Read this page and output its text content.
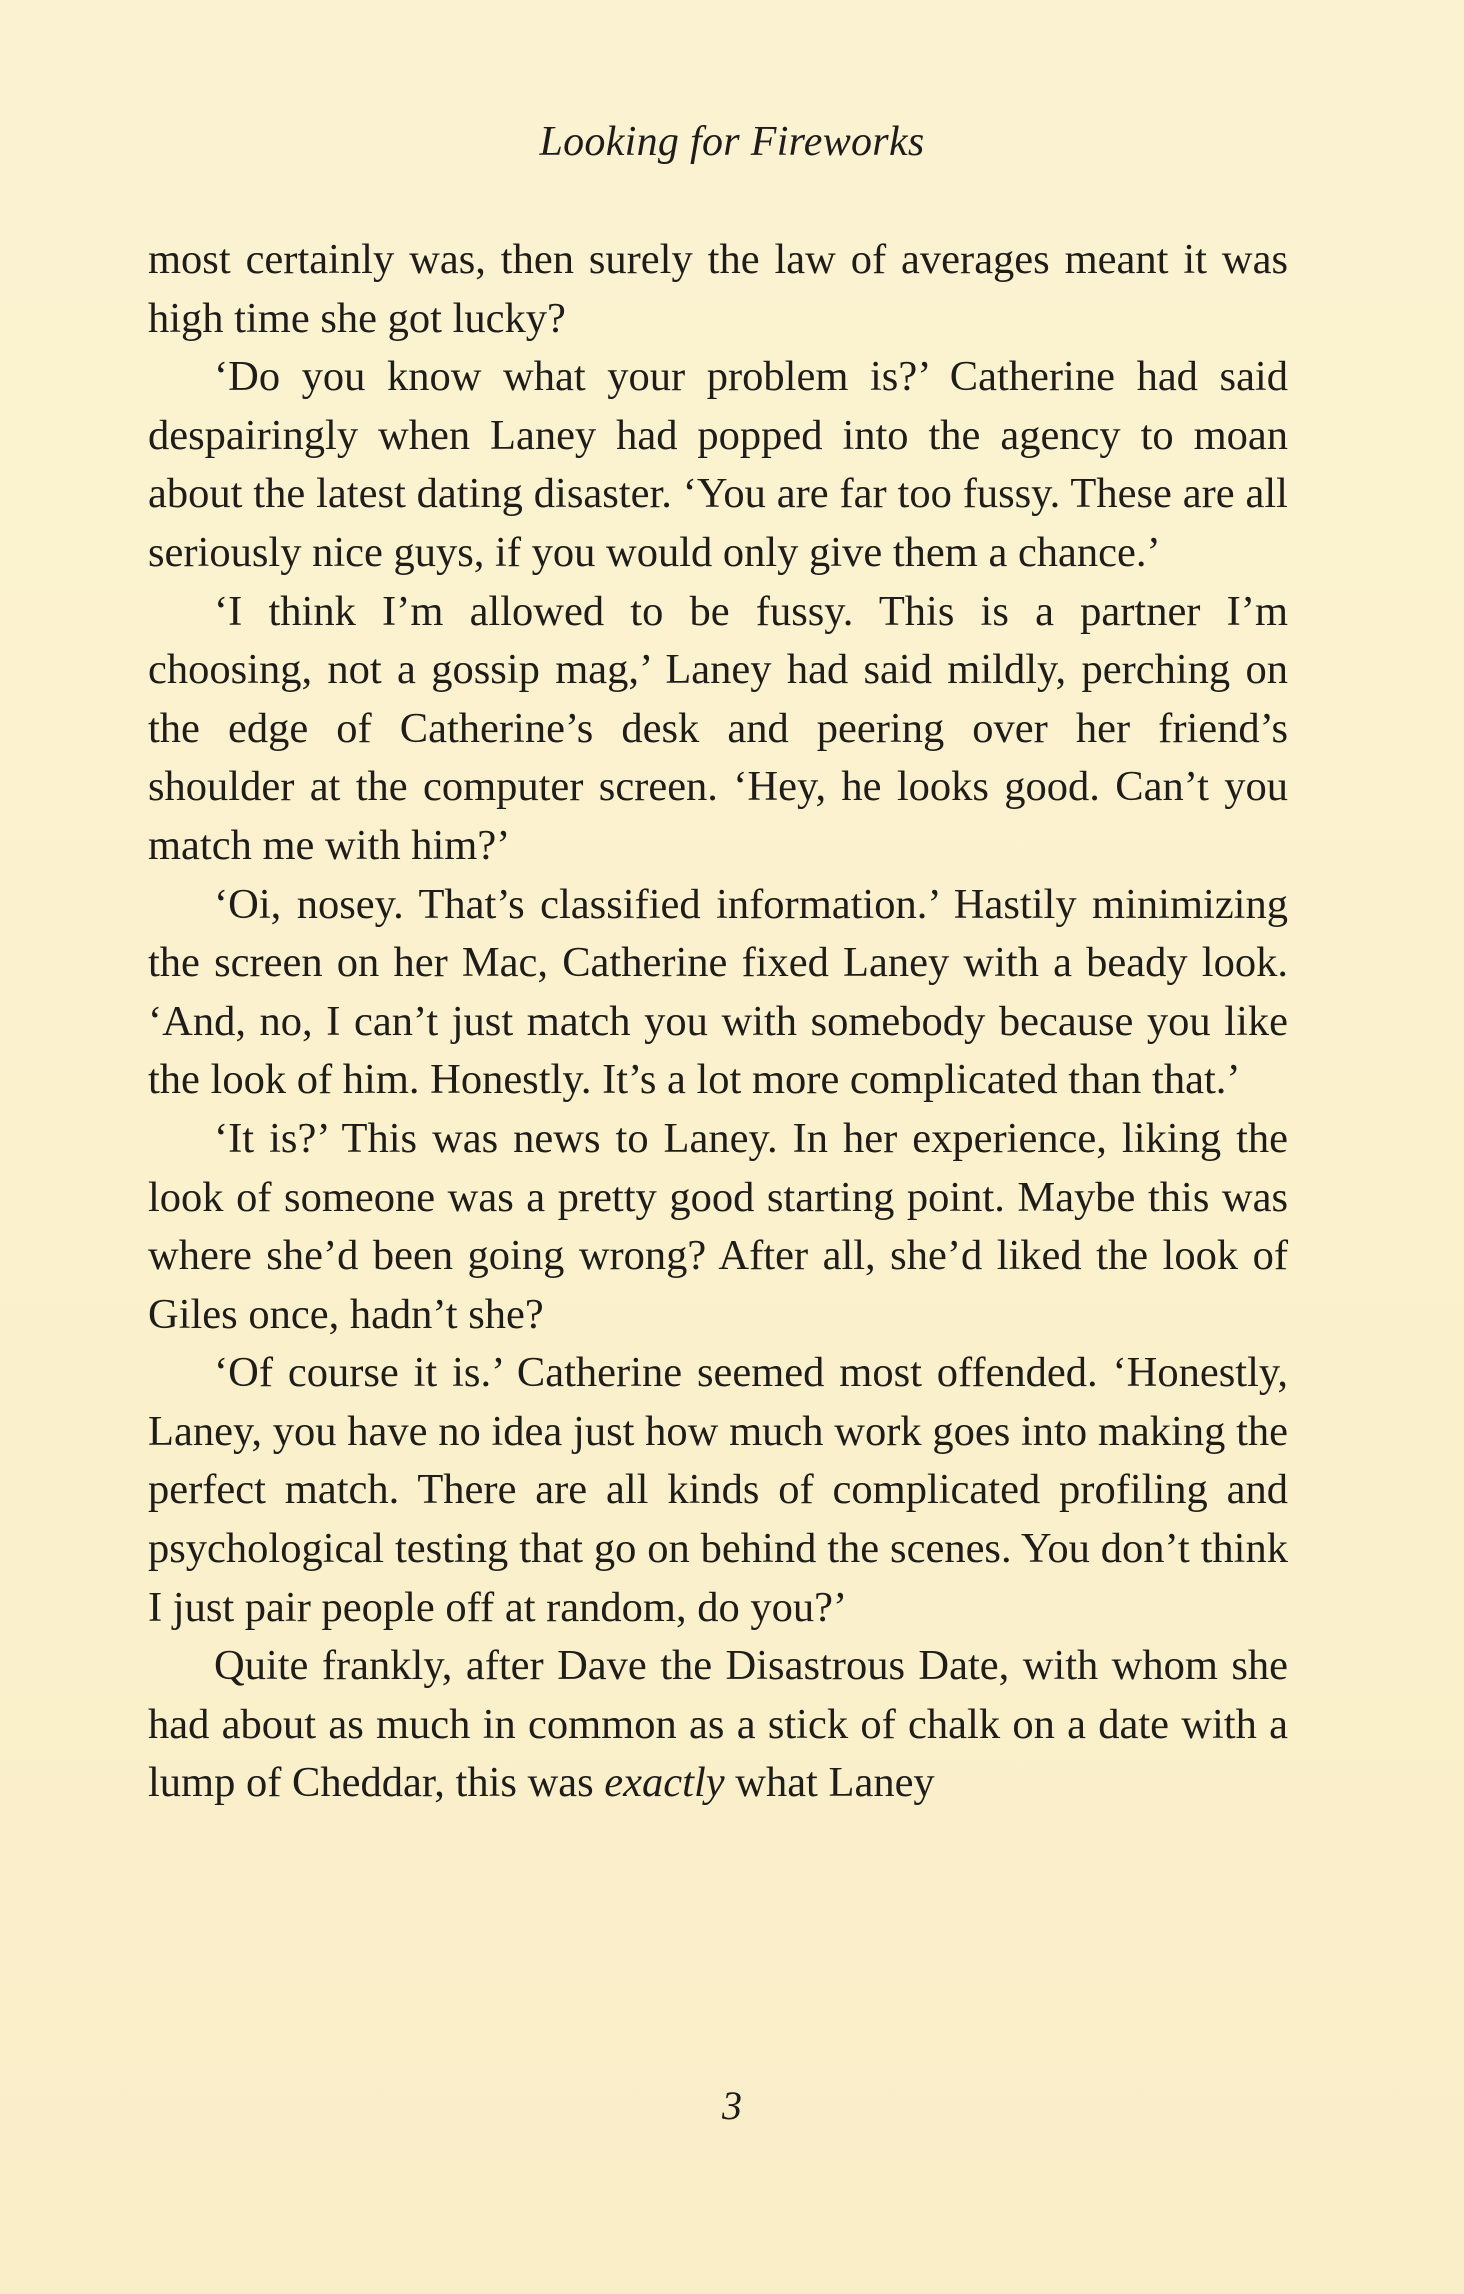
Looking for Fireworks

most certainly was, then surely the law of averages meant it was high time she got lucky?

‘Do you know what your problem is?’ Catherine had said despairingly when Laney had popped into the agency to moan about the latest dating disaster. ‘You are far too fussy. These are all seriously nice guys, if you would only give them a chance.’

‘I think I’m allowed to be fussy. This is a partner I’m choosing, not a gossip mag,’ Laney had said mildly, perching on the edge of Catherine’s desk and peering over her friend’s shoulder at the computer screen. ‘Hey, he looks good. Can’t you match me with him?’

‘Oi, nosey. That’s classified information.’ Hastily minimizing the screen on her Mac, Catherine fixed Laney with a beady look. ‘And, no, I can’t just match you with somebody because you like the look of him. Honestly. It’s a lot more complicated than that.’

‘It is?’ This was news to Laney. In her experience, liking the look of someone was a pretty good starting point. Maybe this was where she’d been going wrong? After all, she’d liked the look of Giles once, hadn’t she?

‘Of course it is.’ Catherine seemed most offended. ‘Honestly, Laney, you have no idea just how much work goes into making the perfect match. There are all kinds of complicated profiling and psychological testing that go on behind the scenes. You don’t think I just pair people off at random, do you?’

Quite frankly, after Dave the Disastrous Date, with whom she had about as much in common as a stick of chalk on a date with a lump of Cheddar, this was exactly what Laney

3
